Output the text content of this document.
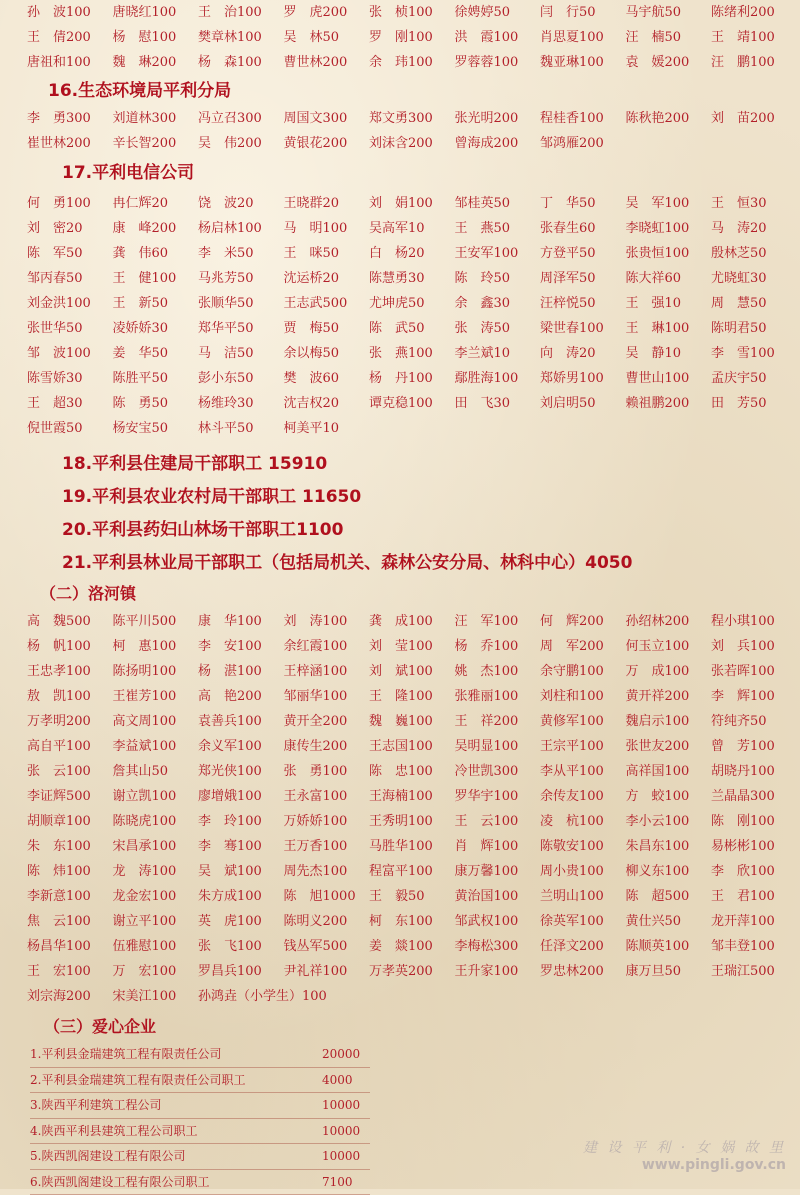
孙　波100 唐晓红100 王　治100 罗　虎200 张　桢100 徐娉婷50 闫　行50 马宇航50 陈绪利200
王　倩200 杨　慰100 樊章林100 吴　林50 罗　刚100 洪　霞100 肖思夏100 汪　楠50 王　靖100
唐祖和100 魏　琳200 杨　森100 曹世林200 余　玮100 罗蓉蓉100 魏亚琳100 袁　媛200 汪　鹏100
16.生态环境局平利分局
李　勇300 刘道林300 冯立召300 周国文300 郑文勇300 张光明200 程桂香100 陈秋艳200 刘　苗200
崔世林200 辛长智200 吴　伟200 黄银花200 刘沫含200 曾海成200 邹鸿雁200
17.平利电信公司
何　勇100 冉仁辉20 饶　波20 王晓群20 刘　娟100 邹桂英50 丁　华50 吴　军100 王　恒30
刘　密20 康　峰200 杨启林100 马　明100 吴高军10 王　燕50 张春生60 李晓虹100 马　涛20
陈　军50 龚　伟60 李　米50 王　咪50 白　杨20 王安军100 方登平50 张贵恒100 殷林芝50
邹丙春50 王　健100 马兆芳50 沈运桥20 陈慧勇30 陈　玲50 周泽军50 陈大祥60 尤晓虹30
刘金洪100 王　新50 张顺华50 王志武500 尤坤虎50 余　鑫30 汪梓悦50 王　强10 周　慧50
张世华50 凌娇娇30 郑华平50 贾　梅50 陈　武50 张　涛50 梁世春100 王　琳100 陈明君50
邹　波100 姜　华50 马　洁50 余以梅50 张　燕100 李兰斌10 向　涛20 吴　静10 李　雪100
陈雪娇30 陈胜平50 彭小东50 樊　波60 杨　丹100 鄢胜海100 郑娇男100 曹世山100 孟庆宇50
王　超30 陈　勇50 杨维玲30 沈吉权20 谭克稳100 田　飞30 刘启明50 赖祖鹏200 田　芳50
倪世霞50 杨安宝50 林斗平50 柯美平10
18.平利县住建局干部职工 15910
19.平利县农业农村局干部职工 11650
20.平利县药妇山林场干部职工1100
21.平利县林业局干部职工（包括局机关、森林公安分局、林科中心）4050
（二）洛河镇
高　魏500 陈平川500 康　华100 刘　涛100 龚　成100 汪　军100 何　辉200 孙绍林200 程小琪100
杨　帆100 柯　惠100 李　安100 余红霞100 刘　莹100 杨　乔100 周　军200 何玉立100 刘　兵100
王忠孝100 陈扬明100 杨　湛100 王梓涵100 刘　斌100 姚　杰100 余守鹏100 万　成100 张若晖100
敖　凯100 王崔芳100 高　艳200 邹丽华100 王　隆100 张雅丽100 刘柱和100 黄开祥200 李　辉100
万孝明200 高文周100 袁善兵100 黄开全200 魏　巍100 王　祥200 黄修军100 魏启示100 符纯齐50
高自平100 李益斌100 余义军100 康传生200 王志国100 吴明显100 王宗平100 张世友200 曾　芳100
张　云100 詹其山50 郑光侠100 张　勇100 陈　忠100 冷世凯300 李从平100 高祥国100 胡晓丹100
李证辉500 谢立凯100 廖增娥100 王永富100 王海楠100 罗华宇100 余传友100 方　蛟100 兰晶晶300
胡顺章100 陈晓虎100 李　玲100 万娇娇100 王秀明100 王　云100 凌　杭100 李小云100 陈　刚100
朱　东100 宋昌承100 李　骞100 王万香100 马胜华100 肖　辉100 陈敬安100 朱昌东100 易彬彬100
陈　炜100 龙　涛100 吴　斌100 周先杰100 程富平100 康万馨100 周小贵100 柳义东100 李　欣100
李新意100 龙金宏100 朱方成100 陈　旭1000 王　毅50 黄治国100 兰明山100 陈　超500 王　君100
焦　云100 谢立平100 英　虎100 陈明义200 柯　东100 邹武权100 徐英军100 黄仕兴50 龙开萍100
杨昌华100 伍雅慰100 张　飞100 钱丛军500 姜　燚100 李梅松300 任泽文200 陈顺英100 邹丰登100
王　宏100 万　宏100 罗昌兵100 尹礼祥100 万孝英200 王升家100 罗忠林200 康万旦50 王瑞江500
刘宗海200 宋美江100 孙鸿垚（小学生）100
（三）爱心企业
1.平利县金瑞建筑工程有限责任公司	20000
2.平利县金瑞建筑工程有限责任公司职工	4000
3.陕西平利建筑工程公司	10000
4.陕西平利县建筑工程公司职工	10000
5.陕西凯阁建设工程有限公司	10000
6.陕西凯阁建设工程有限公司职工	7100
建 设 平 利 · 女 娲 故 里
www.pingli.gov.cn
